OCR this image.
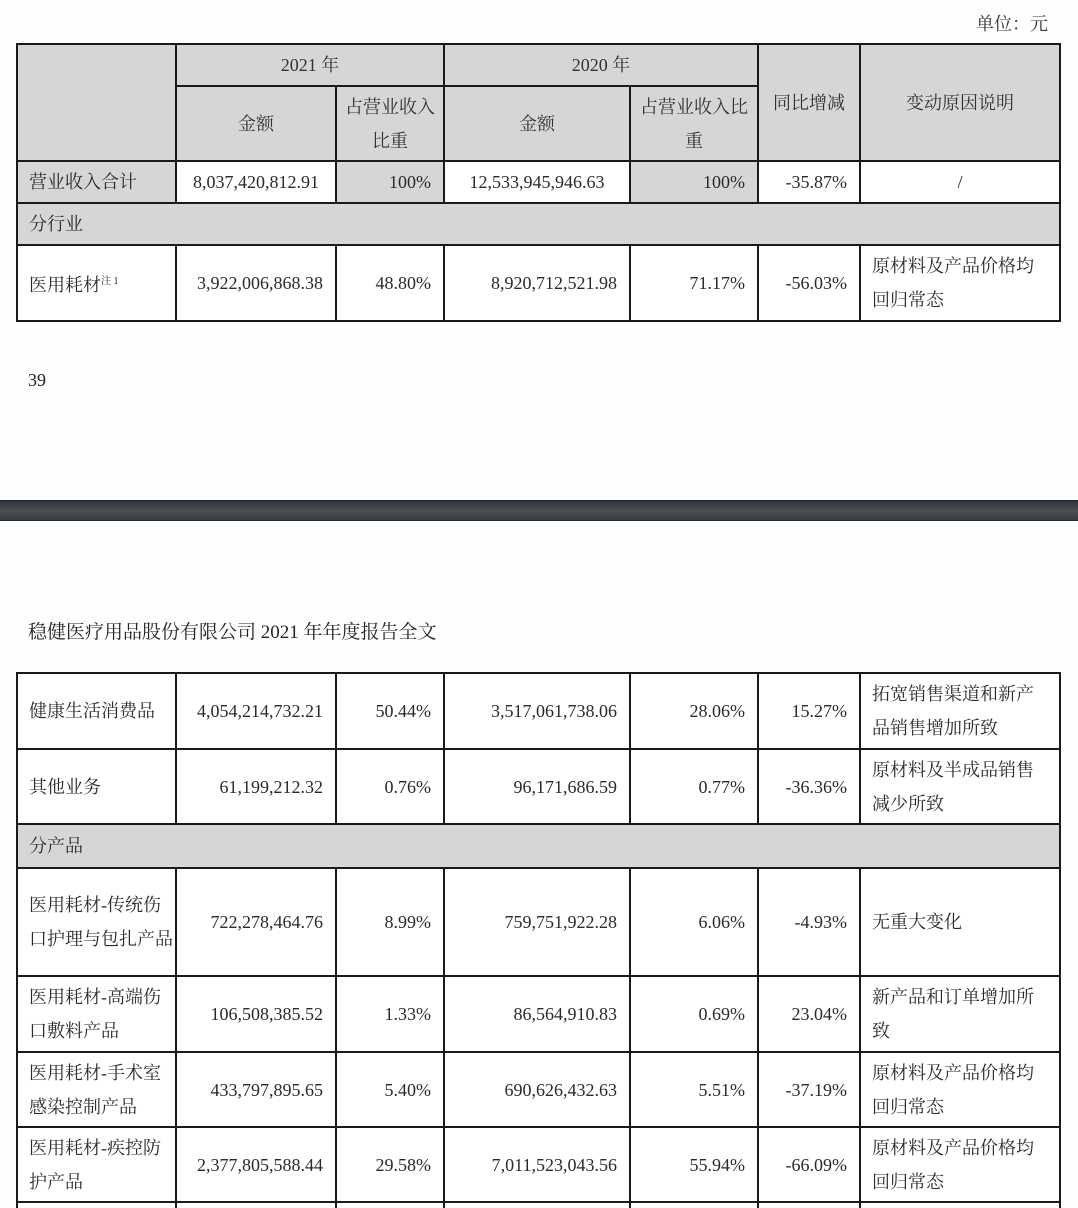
单位：元
	2021 年		2020 年		同比增减	变动原因说明
	金额	占营业收入比重	金额	占营业收入比重		
营业收入合计	8,037,420,812.91	100%	12,533,945,946.63	100%	-35.87%	/
分行业						
医用耗材$^{注 1}$	3,922,006,868.38	48.80%	8,920,712,521.98	71.17%	-56.03%	原材料及产品价格均回归常态
39
稳健医疗用品股份有限公司 2021 年年度报告全文
健康生活消费品	4,054,214,732.21	50.44%	3,517,061,738.06	28.06%	15.27%	拓宽销售渠道和新产品销售增加所致
其他业务	61,199,212.32	0.76%	96,171,686.59	0.77%	-36.36%	原材料及半成品销售减少所致
分产品						
医用耗材-传统伤口护理与包扎产品	722,278,464.76	8.99%	759,751,922.28	6.06%	-4.93%	无重大变化
医用耗材-高端伤口敷料产品	106,508,385.52	1.33%	86,564,910.83	0.69%	23.04%	新产品和订单增加所致
医用耗材-手术室感染控制产品	433,797,895.65	5.40%	690,626,432.63	5.51%	-37.19%	原材料及产品价格均回归常态
医用耗材-疾控防护产品	2,377,805,588.44	29.58%	7,011,523,043.56	55.94%	-66.09%	原材料及产品价格均回归常态
